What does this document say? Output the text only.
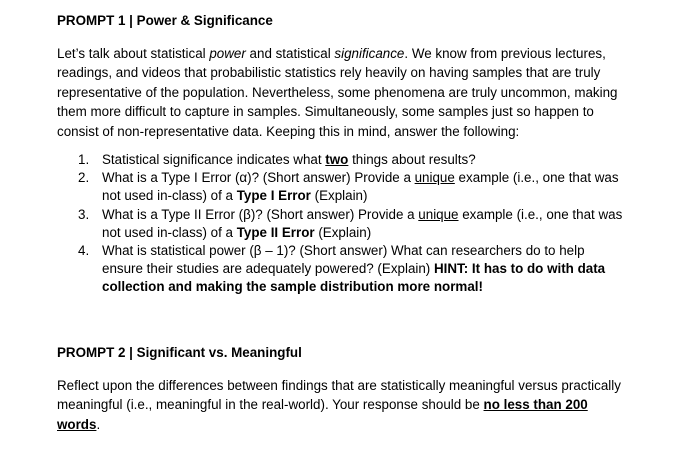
PROMPT 1 | Power & Significance

Let’s talk about statistical power and statistical significance. We know from previous lectures,
readings, and videos that probabilistic statistics rely heavily on having samples that are truly
representative of the population. Nevertheless, some phenomena are truly uncommon, making
them more difficult to capture in samples. Simultaneously, some samples just so happen to
consist of non-representative data. Keeping this in mind, answer the following:

1. Statistical significance indicates what two things about results?
2. What is a Type I Error (α)? (Short answer) Provide a unique example (i.e., one that was
not used in-class) of a Type I Error (Explain)
3. What is a Type II Error (β)? (Short answer) Provide a unique example (i.e., one that was
not used in-class) of a Type II Error (Explain)
4. What is statistical power (β – 1)? (Short answer) What can researchers do to help
ensure their studies are adequately powered? (Explain) HINT: It has to do with data
collection and making the sample distribution more normal!
PROMPT 2 | Significant vs. Meaningful

Reflect upon the differences between findings that are statistically meaningful versus practically
meaningful (i.e., meaningful in the real-world). Your response should be no less than 200
words.
